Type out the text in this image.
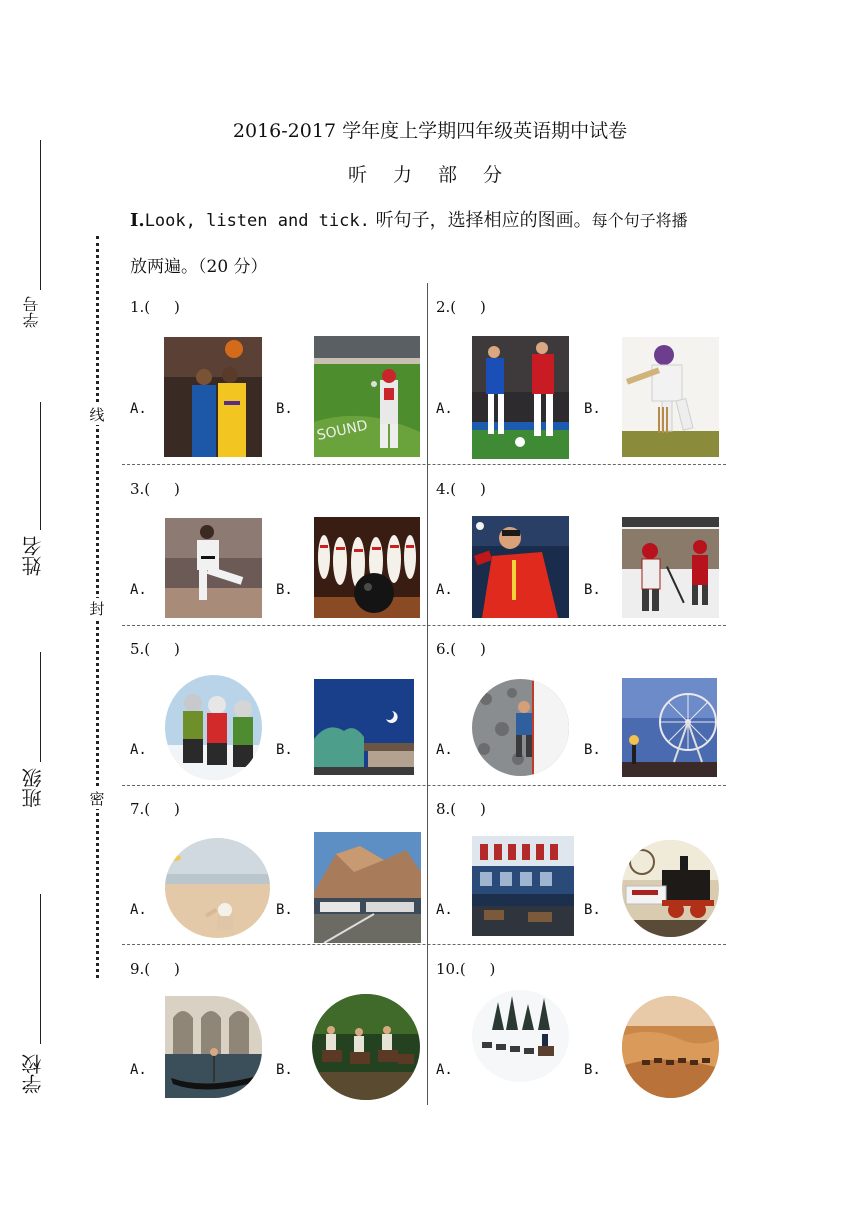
学号
姓名
班级
学校
线
封
密
2016-2017 学年度上学期四年级英语期中试卷
听 力 部 分
I.Look, listen and tick. 听句子，选择相应的图画。每个句子将播
放两遍。（20 分）
1.(     )
A.	B.
SOUND
2.(     )
A.	B.
3.(     )
A.	B.
4.(     )
A.	B.
5.(     )
A.	B.
6.(     )
A.	B.
7.(     )
A.	B.
8.(     )
A.	B.
9.(     )
A.	B.
10.(     )
A.	B.
